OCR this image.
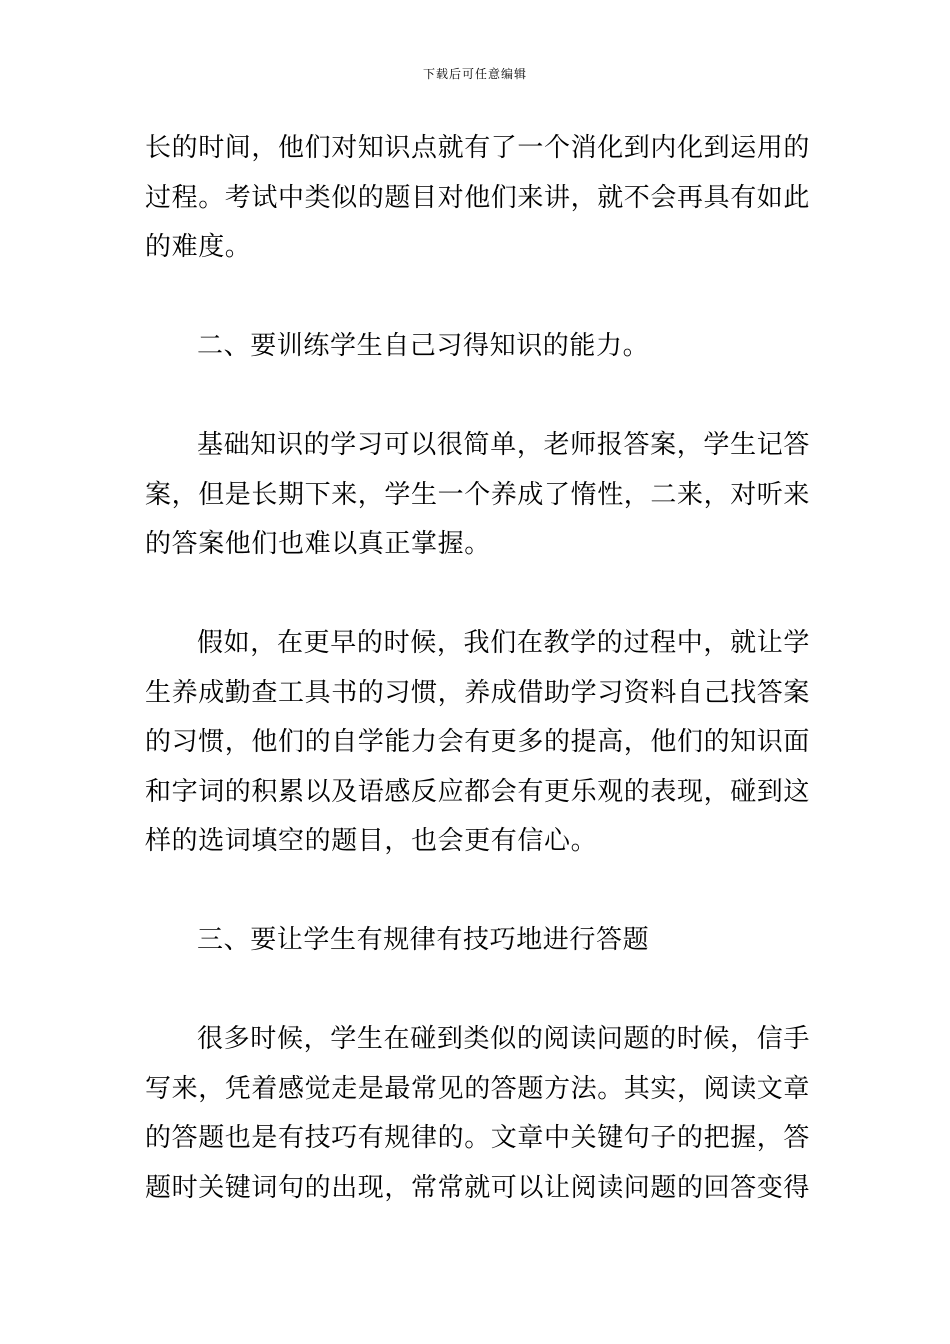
下载后可任意编辑

长的时间，他们对知识点就有了一个消化到内化到运用的过程。考试中类似的题目对他们来讲，就不会再具有如此的难度。

二、要训练学生自己习得知识的能力。

基础知识的学习可以很简单，老师报答案，学生记答案，但是长期下来，学生一个养成了惰性，二来，对听来的答案他们也难以真正掌握。

假如，在更早的时候，我们在教学的过程中，就让学生养成勤查工具书的习惯，养成借助学习资料自己找答案的习惯，他们的自学能力会有更多的提高，他们的知识面和字词的积累以及语感反应都会有更乐观的表现，碰到这样的选词填空的题目，也会更有信心。

三、要让学生有规律有技巧地进行答题

很多时候，学生在碰到类似的阅读问题的时候，信手写来，凭着感觉走是最常见的答题方法。其实，阅读文章的答题也是有技巧有规律的。文章中关键句子的把握，答题时关键词句的出现，常常就可以让阅读问题的回答变得
